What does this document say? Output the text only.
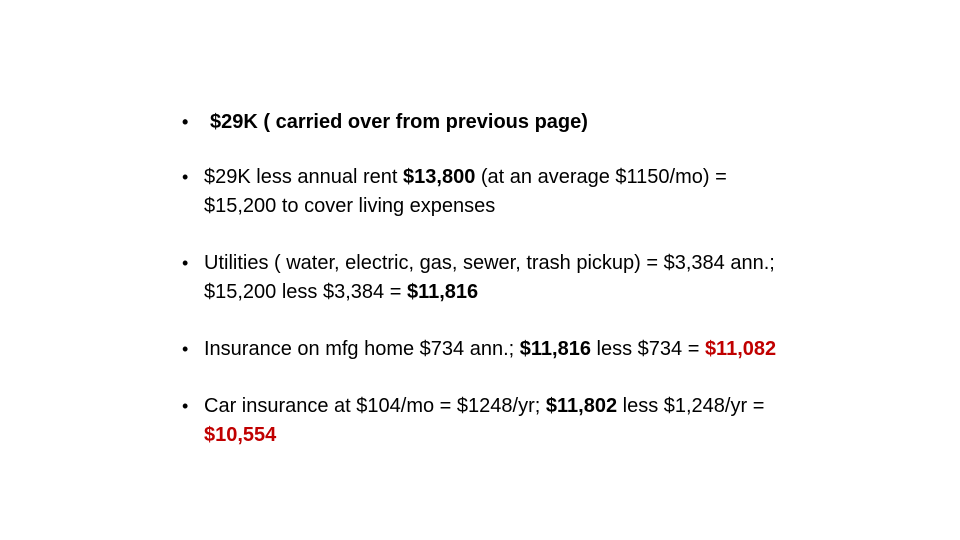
• $29K ( carried over from previous page)
• $29K less annual rent $13,800 (at an average $1150/mo) = $15,200 to cover living expenses
• Utilities ( water, electric, gas, sewer, trash pickup) = $3,384 ann.; $15,200 less $3,384 = $11,816
• Insurance on mfg home $734 ann.; $11,816 less $734 = $11,082
• Car insurance at $104/mo = $1248/yr; $11,802 less $1,248/yr = $10,554
